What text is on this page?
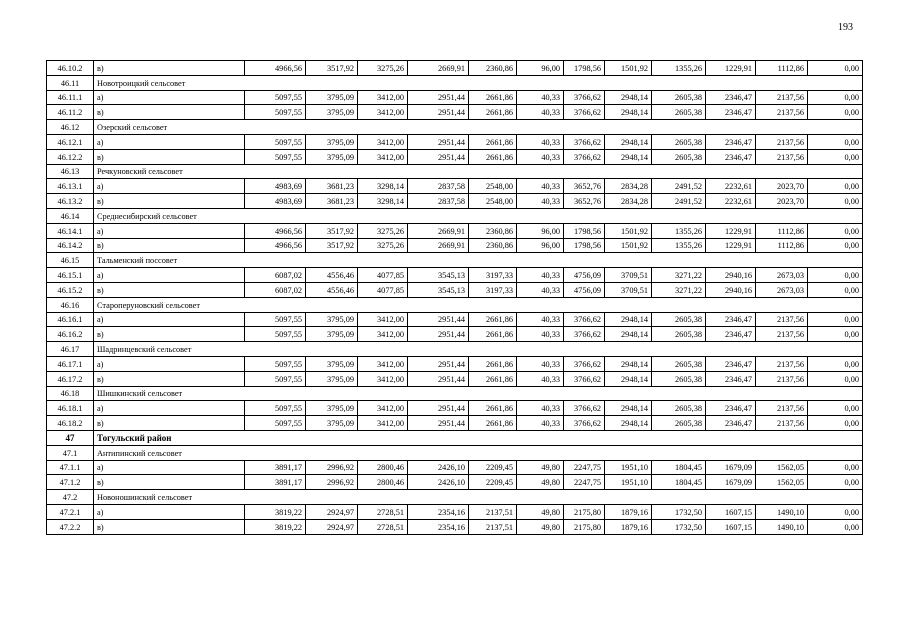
193
46.10.2	в)	4966,56	3517,92	3275,26	2669,91	2360,86	96,00	1798,56	1501,92	1355,26	1229,91	1112,86	0,00
46.11	Новотроицкий сельсовет												
46.11.1	а)	5097,55	3795,09	3412,00	2951,44	2661,86	40,33	3766,62	2948,14	2605,38	2346,47	2137,56	0,00
46.11.2	в)	5097,55	3795,09	3412,00	2951,44	2661,86	40,33	3766,62	2948,14	2605,38	2346,47	2137,56	0,00
46.12	Озерский сельсовет												
46.12.1	а)	5097,55	3795,09	3412,00	2951,44	2661,86	40,33	3766,62	2948,14	2605,38	2346,47	2137,56	0,00
46.12.2	в)	5097,55	3795,09	3412,00	2951,44	2661,86	40,33	3766,62	2948,14	2605,38	2346,47	2137,56	0,00
46.13	Речкуновский сельсовет												
46.13.1	а)	4983,69	3681,23	3298,14	2837,58	2548,00	40,33	3652,76	2834,28	2491,52	2232,61	2023,70	0,00
46.13.2	в)	4983,69	3681,23	3298,14	2837,58	2548,00	40,33	3652,76	2834,28	2491,52	2232,61	2023,70	0,00
46.14	Среднесибирский сельсовет												
46.14.1	а)	4966,56	3517,92	3275,26	2669,91	2360,86	96,00	1798,56	1501,92	1355,26	1229,91	1112,86	0,00
46.14.2	в)	4966,56	3517,92	3275,26	2669,91	2360,86	96,00	1798,56	1501,92	1355,26	1229,91	1112,86	0,00
46.15	Тальменский поссовет												
46.15.1	а)	6087,02	4556,46	4077,85	3545,13	3197,33	40,33	4756,09	3709,51	3271,22	2940,16	2673,03	0,00
46.15.2	в)	6087,02	4556,46	4077,85	3545,13	3197,33	40,33	4756,09	3709,51	3271,22	2940,16	2673,03	0,00
46.16	Староперуновский сельсовет												
46.16.1	а)	5097,55	3795,09	3412,00	2951,44	2661,86	40,33	3766,62	2948,14	2605,38	2346,47	2137,56	0,00
46.16.2	в)	5097,55	3795,09	3412,00	2951,44	2661,86	40,33	3766,62	2948,14	2605,38	2346,47	2137,56	0,00
46.17	Шадринцевский сельсовет												
46.17.1	а)	5097,55	3795,09	3412,00	2951,44	2661,86	40,33	3766,62	2948,14	2605,38	2346,47	2137,56	0,00
46.17.2	в)	5097,55	3795,09	3412,00	2951,44	2661,86	40,33	3766,62	2948,14	2605,38	2346,47	2137,56	0,00
46.18	Шишкинский сельсовет												
46.18.1	а)	5097,55	3795,09	3412,00	2951,44	2661,86	40,33	3766,62	2948,14	2605,38	2346,47	2137,56	0,00
46.18.2	в)	5097,55	3795,09	3412,00	2951,44	2661,86	40,33	3766,62	2948,14	2605,38	2346,47	2137,56	0,00
47	Тогульский район												
47.1	Антипинский сельсовет												
47.1.1	а)	3891,17	2996,92	2800,46	2426,10	2209,45	49,80	2247,75	1951,10	1804,45	1679,09	1562,05	0,00
47.1.2	в)	3891,17	2996,92	2800,46	2426,10	2209,45	49,80	2247,75	1951,10	1804,45	1679,09	1562,05	0,00
47.2	Новоношинский сельсовет												
47.2.1	а)	3819,22	2924,97	2728,51	2354,16	2137,51	49,80	2175,80	1879,16	1732,50	1607,15	1490,10	0,00
47.2.2	в)	3819,22	2924,97	2728,51	2354,16	2137,51	49,80	2175,80	1879,16	1732,50	1607,15	1490,10	0,00
